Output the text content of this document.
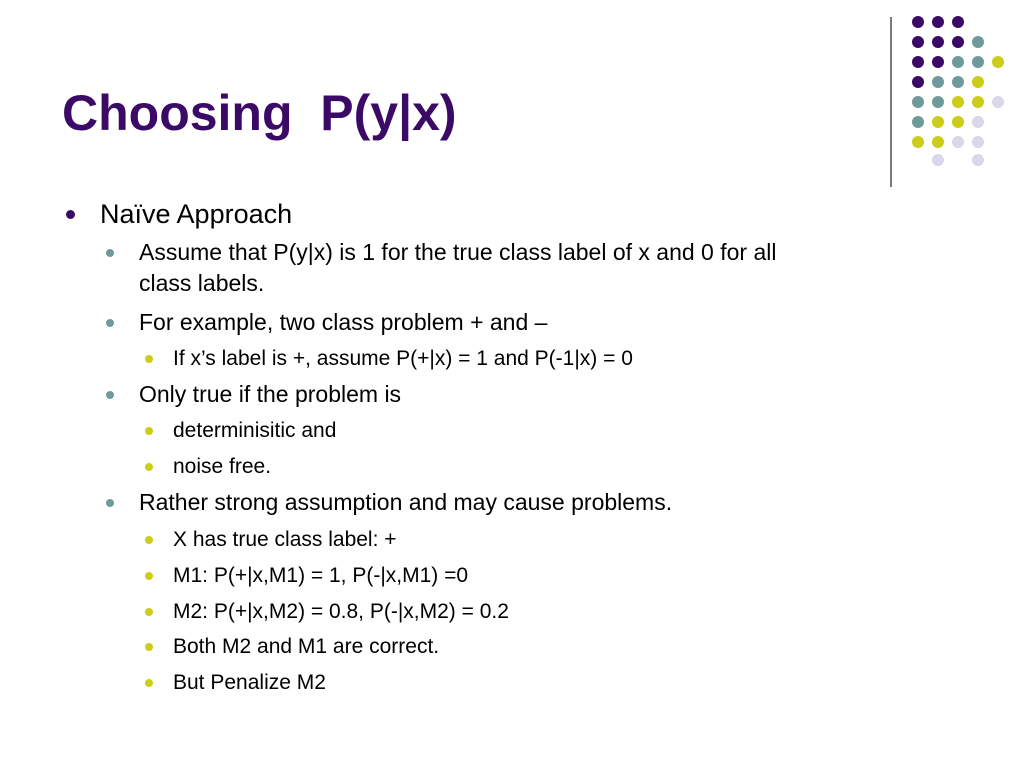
Choosing  P(y|x)
Naïve Approach
Assume that P(y|x) is 1 for the true class label of x and 0 for all
class labels.
For example, two class problem + and –
If x’s label is +, assume P(+|x) = 1 and P(-1|x) = 0
Only true if the problem is
determinisitic and
noise free.
Rather strong assumption and may cause problems.
X has true class label: +
M1: P(+|x,M1) = 1, P(-|x,M1) =0
M2: P(+|x,M2) = 0.8, P(-|x,M2) = 0.2
Both M2 and M1 are correct.
But Penalize M2
